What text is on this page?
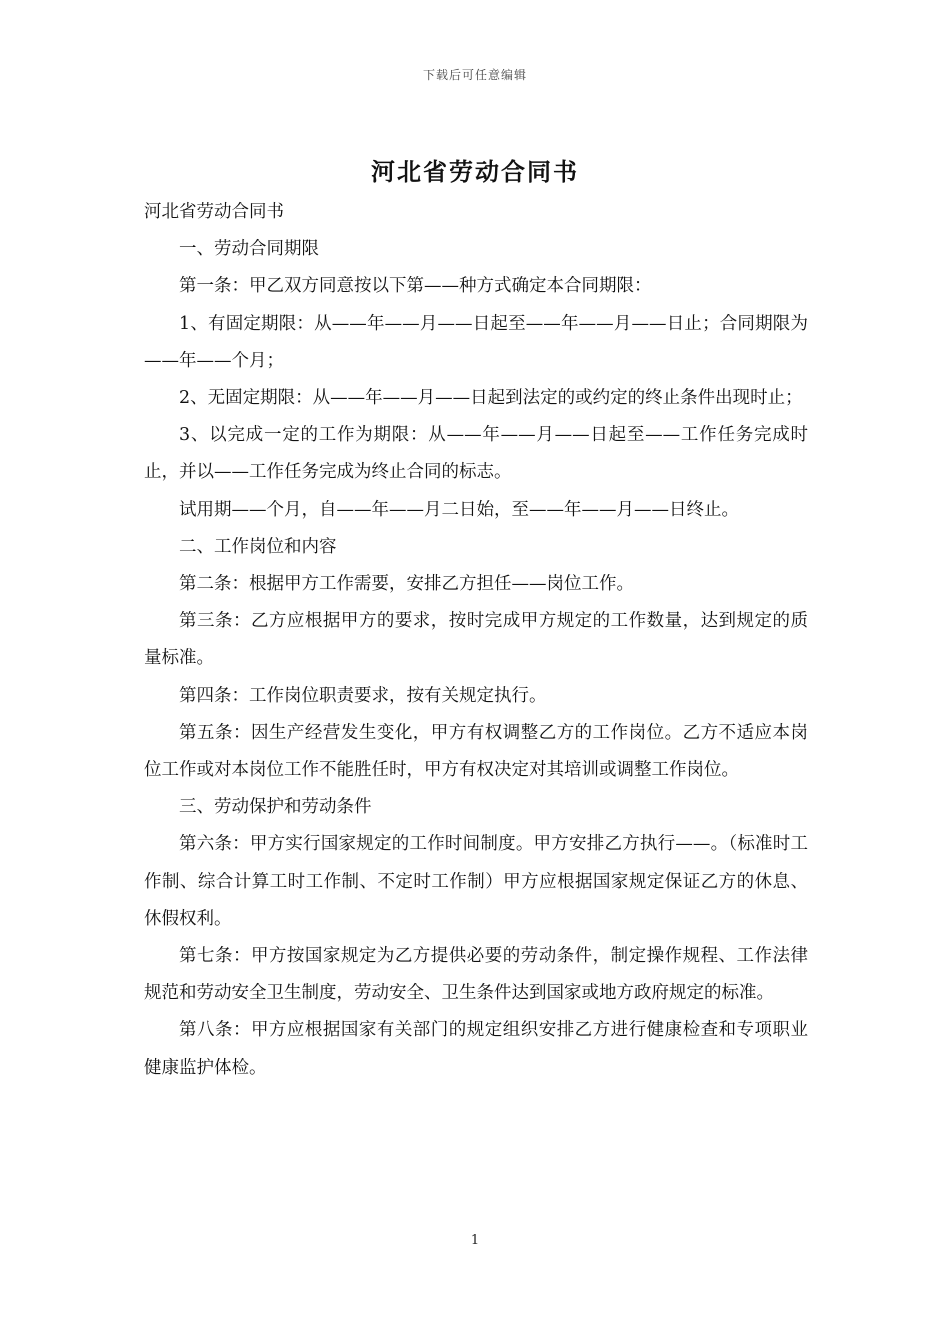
下载后可任意编辑
河北省劳动合同书

河北省劳动合同书

一、劳动合同期限

第一条：甲乙双方同意按以下第——种方式确定本合同期限：

1、有固定期限：从——年——月——日起至——年——月——日止；合同期限为——年——个月；

2、无固定期限：从——年——月——日起到法定的或约定的终止条件出现时止；

3、以完成一定的工作为期限：从——年——月——日起至——工作任务完成时止，并以——工作任务完成为终止合同的标志。

试用期——个月，自——年——月二日始，至——年——月——日终止。

二、工作岗位和内容

第二条：根据甲方工作需要，安排乙方担任——岗位工作。

第三条：乙方应根据甲方的要求，按时完成甲方规定的工作数量，达到规定的质量标准。

第四条：工作岗位职责要求，按有关规定执行。

第五条：因生产经营发生变化，甲方有权调整乙方的工作岗位。乙方不适应本岗位工作或对本岗位工作不能胜任时，甲方有权决定对其培训或调整工作岗位。

三、劳动保护和劳动条件

第六条：甲方实行国家规定的工作时间制度。甲方安排乙方执行——。（标准时工作制、综合计算工时工作制、不定时工作制）甲方应根据国家规定保证乙方的休息、休假权利。

第七条：甲方按国家规定为乙方提供必要的劳动条件，制定操作规程、工作法律规范和劳动安全卫生制度，劳动安全、卫生条件达到国家或地方政府规定的标准。

第八条：甲方应根据国家有关部门的规定组织安排乙方进行健康检查和专项职业健康监护体检。

1
